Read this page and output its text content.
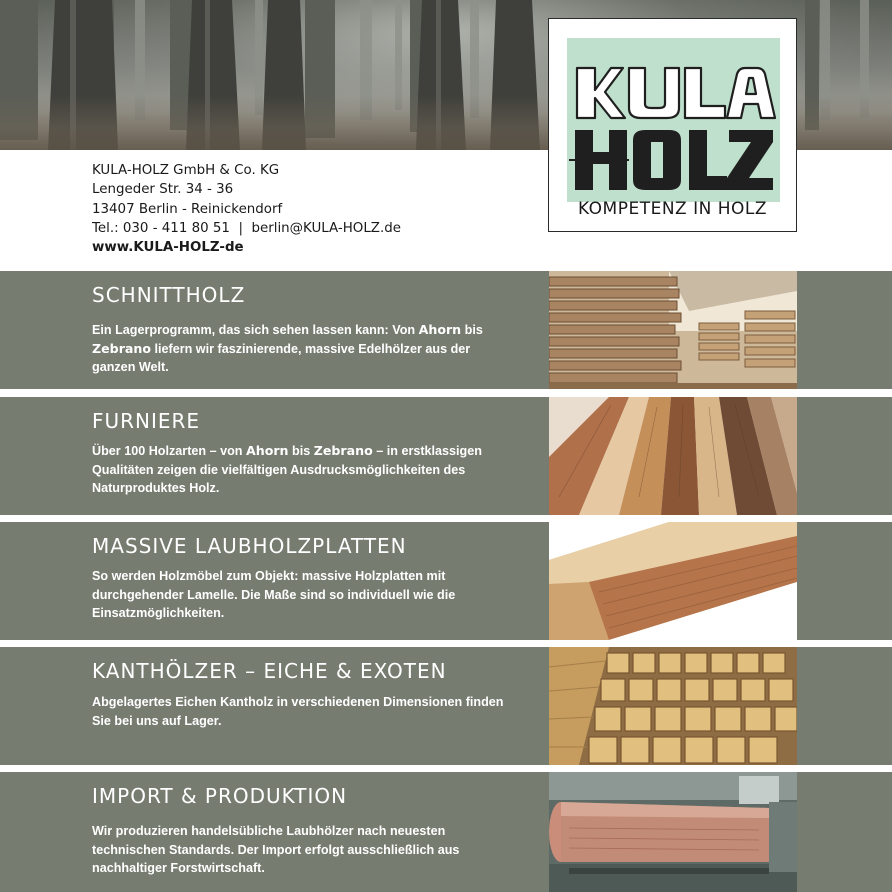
KULA-HOLZ GmbH & Co. KG
Lengeder Str. 34 - 36
13407 Berlin - Reinickendorf
Tel.: 030 - 411 80 51  |  berlin@KULA-HOLZ.de
www.KULA-HOLZ-de
KOMPETENZ IN HOLZ
SCHNITTHOLZ
Ein Lagerprogramm, das sich sehen lassen kann: Von Ahorn bis Zebrano liefern wir faszinierende, massive Edelhölzer aus der ganzen Welt.
FURNIERE
Über 100 Holzarten – von Ahorn bis Zebrano – in erstklassigen Qualitäten zeigen die vielfältigen Ausdrucksmöglichkeiten des Naturproduktes Holz.
MASSIVE LAUBHOLZPLATTEN
So werden Holzmöbel zum Objekt: massive Holzplatten mit durchgehender Lamelle. Die Maße sind so individuell wie die Einsatzmöglichkeiten.
KANTHÖLZER – EICHE & EXOTEN
Abgelagertes Eichen Kantholz in verschiedenen Dimensionen finden Sie bei uns auf Lager.
IMPORT & PRODUKTION
Wir produzieren handelsübliche Laubhölzer nach neuesten technischen Standards. Der Import erfolgt ausschließlich aus nachhaltiger Forstwirtschaft.
